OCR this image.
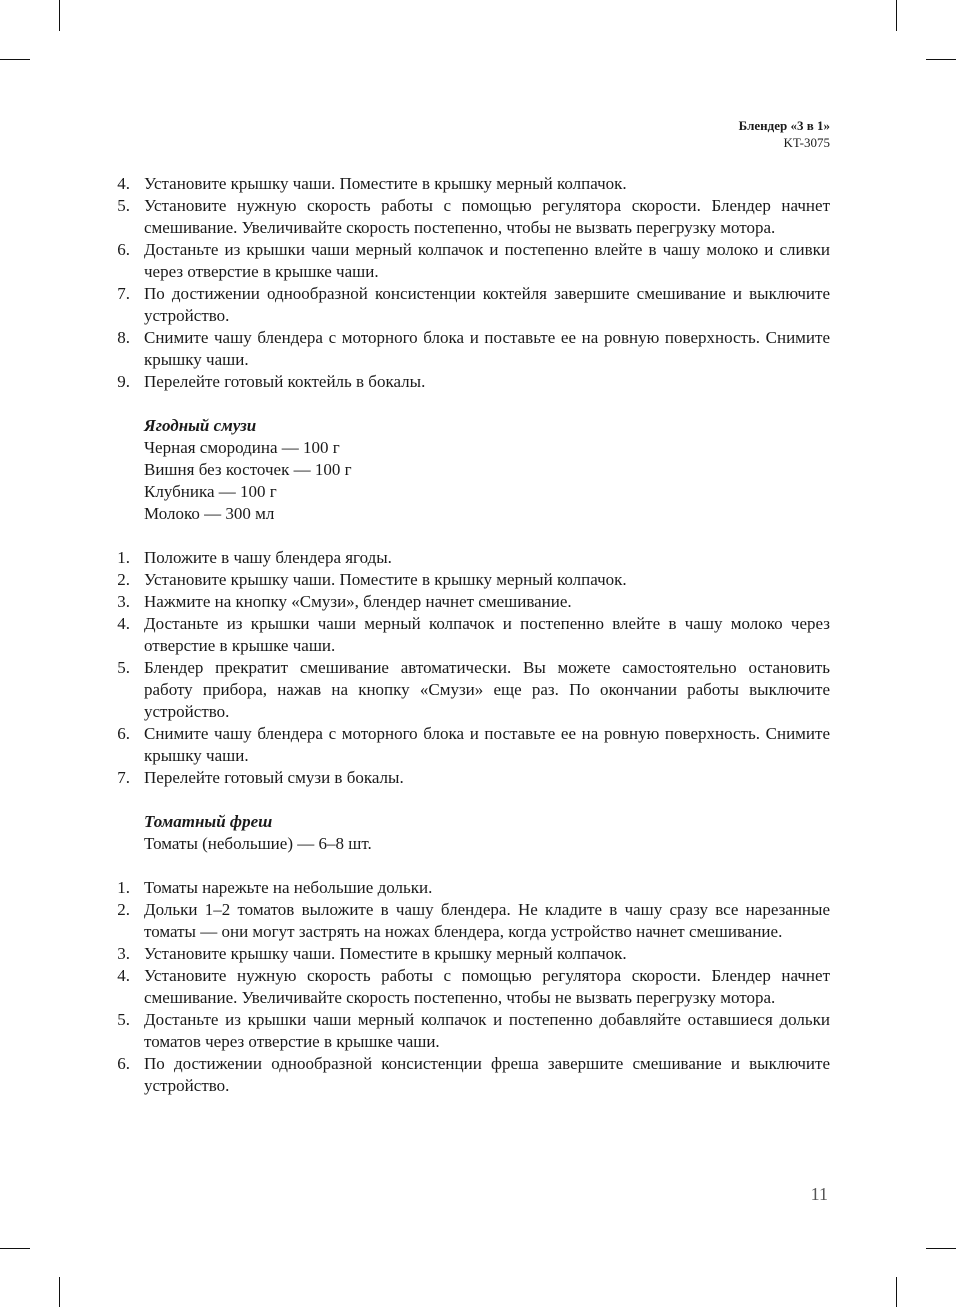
Блендер «3 в 1»
KT-3075
4. Установите крышку чаши. Поместите в крышку мерный колпачок.
5. Установите нужную скорость работы с помощью регулятора скорости. Блендер начнет смешивание. Увеличивайте скорость постепенно, чтобы не вызвать перегрузку мотора.
6. Достаньте из крышки чаши мерный колпачок и постепенно влейте в чашу молоко и сливки через отверстие в крышке чаши.
7. По достижении однообразной консистенции коктейля завершите смешивание и выключите устройство.
8. Снимите чашу блендера с моторного блока и поставьте ее на ровную поверхность. Снимите крышку чаши.
9. Перелейте готовый коктейль в бокалы.
Ягодный смузи
Черная смородина — 100 г
Вишня без косточек — 100 г
Клубника — 100 г
Молоко — 300 мл
1. Положите в чашу блендера ягоды.
2. Установите крышку чаши. Поместите в крышку мерный колпачок.
3. Нажмите на кнопку «Смузи», блендер начнет смешивание.
4. Достаньте из крышки чаши мерный колпачок и постепенно влейте в чашу молоко через отверстие в крышке чаши.
5. Блендер прекратит смешивание автоматически. Вы можете самостоятельно остановить работу прибора, нажав на кнопку «Смузи» еще раз. По окончании работы выключите устройство.
6. Снимите чашу блендера с моторного блока и поставьте ее на ровную поверхность. Снимите крышку чаши.
7. Перелейте готовый смузи в бокалы.
Томатный фреш
Томаты (небольшие) — 6–8 шт.
1. Томаты нарежьте на небольшие дольки.
2. Дольки 1–2 томатов выложите в чашу блендера. Не кладите в чашу сразу все нарезанные томаты — они могут застрять на ножах блендера, когда устройство начнет смешивание.
3. Установите крышку чаши. Поместите в крышку мерный колпачок.
4. Установите нужную скорость работы с помощью регулятора скорости. Блендер начнет смешивание. Увеличивайте скорость постепенно, чтобы не вызвать перегрузку мотора.
5. Достаньте из крышки чаши мерный колпачок и постепенно добавляйте оставшиеся дольки томатов через отверстие в крышке чаши.
6. По достижении однообразной консистенции фреша завершите смешивание и выключите устройство.
11
